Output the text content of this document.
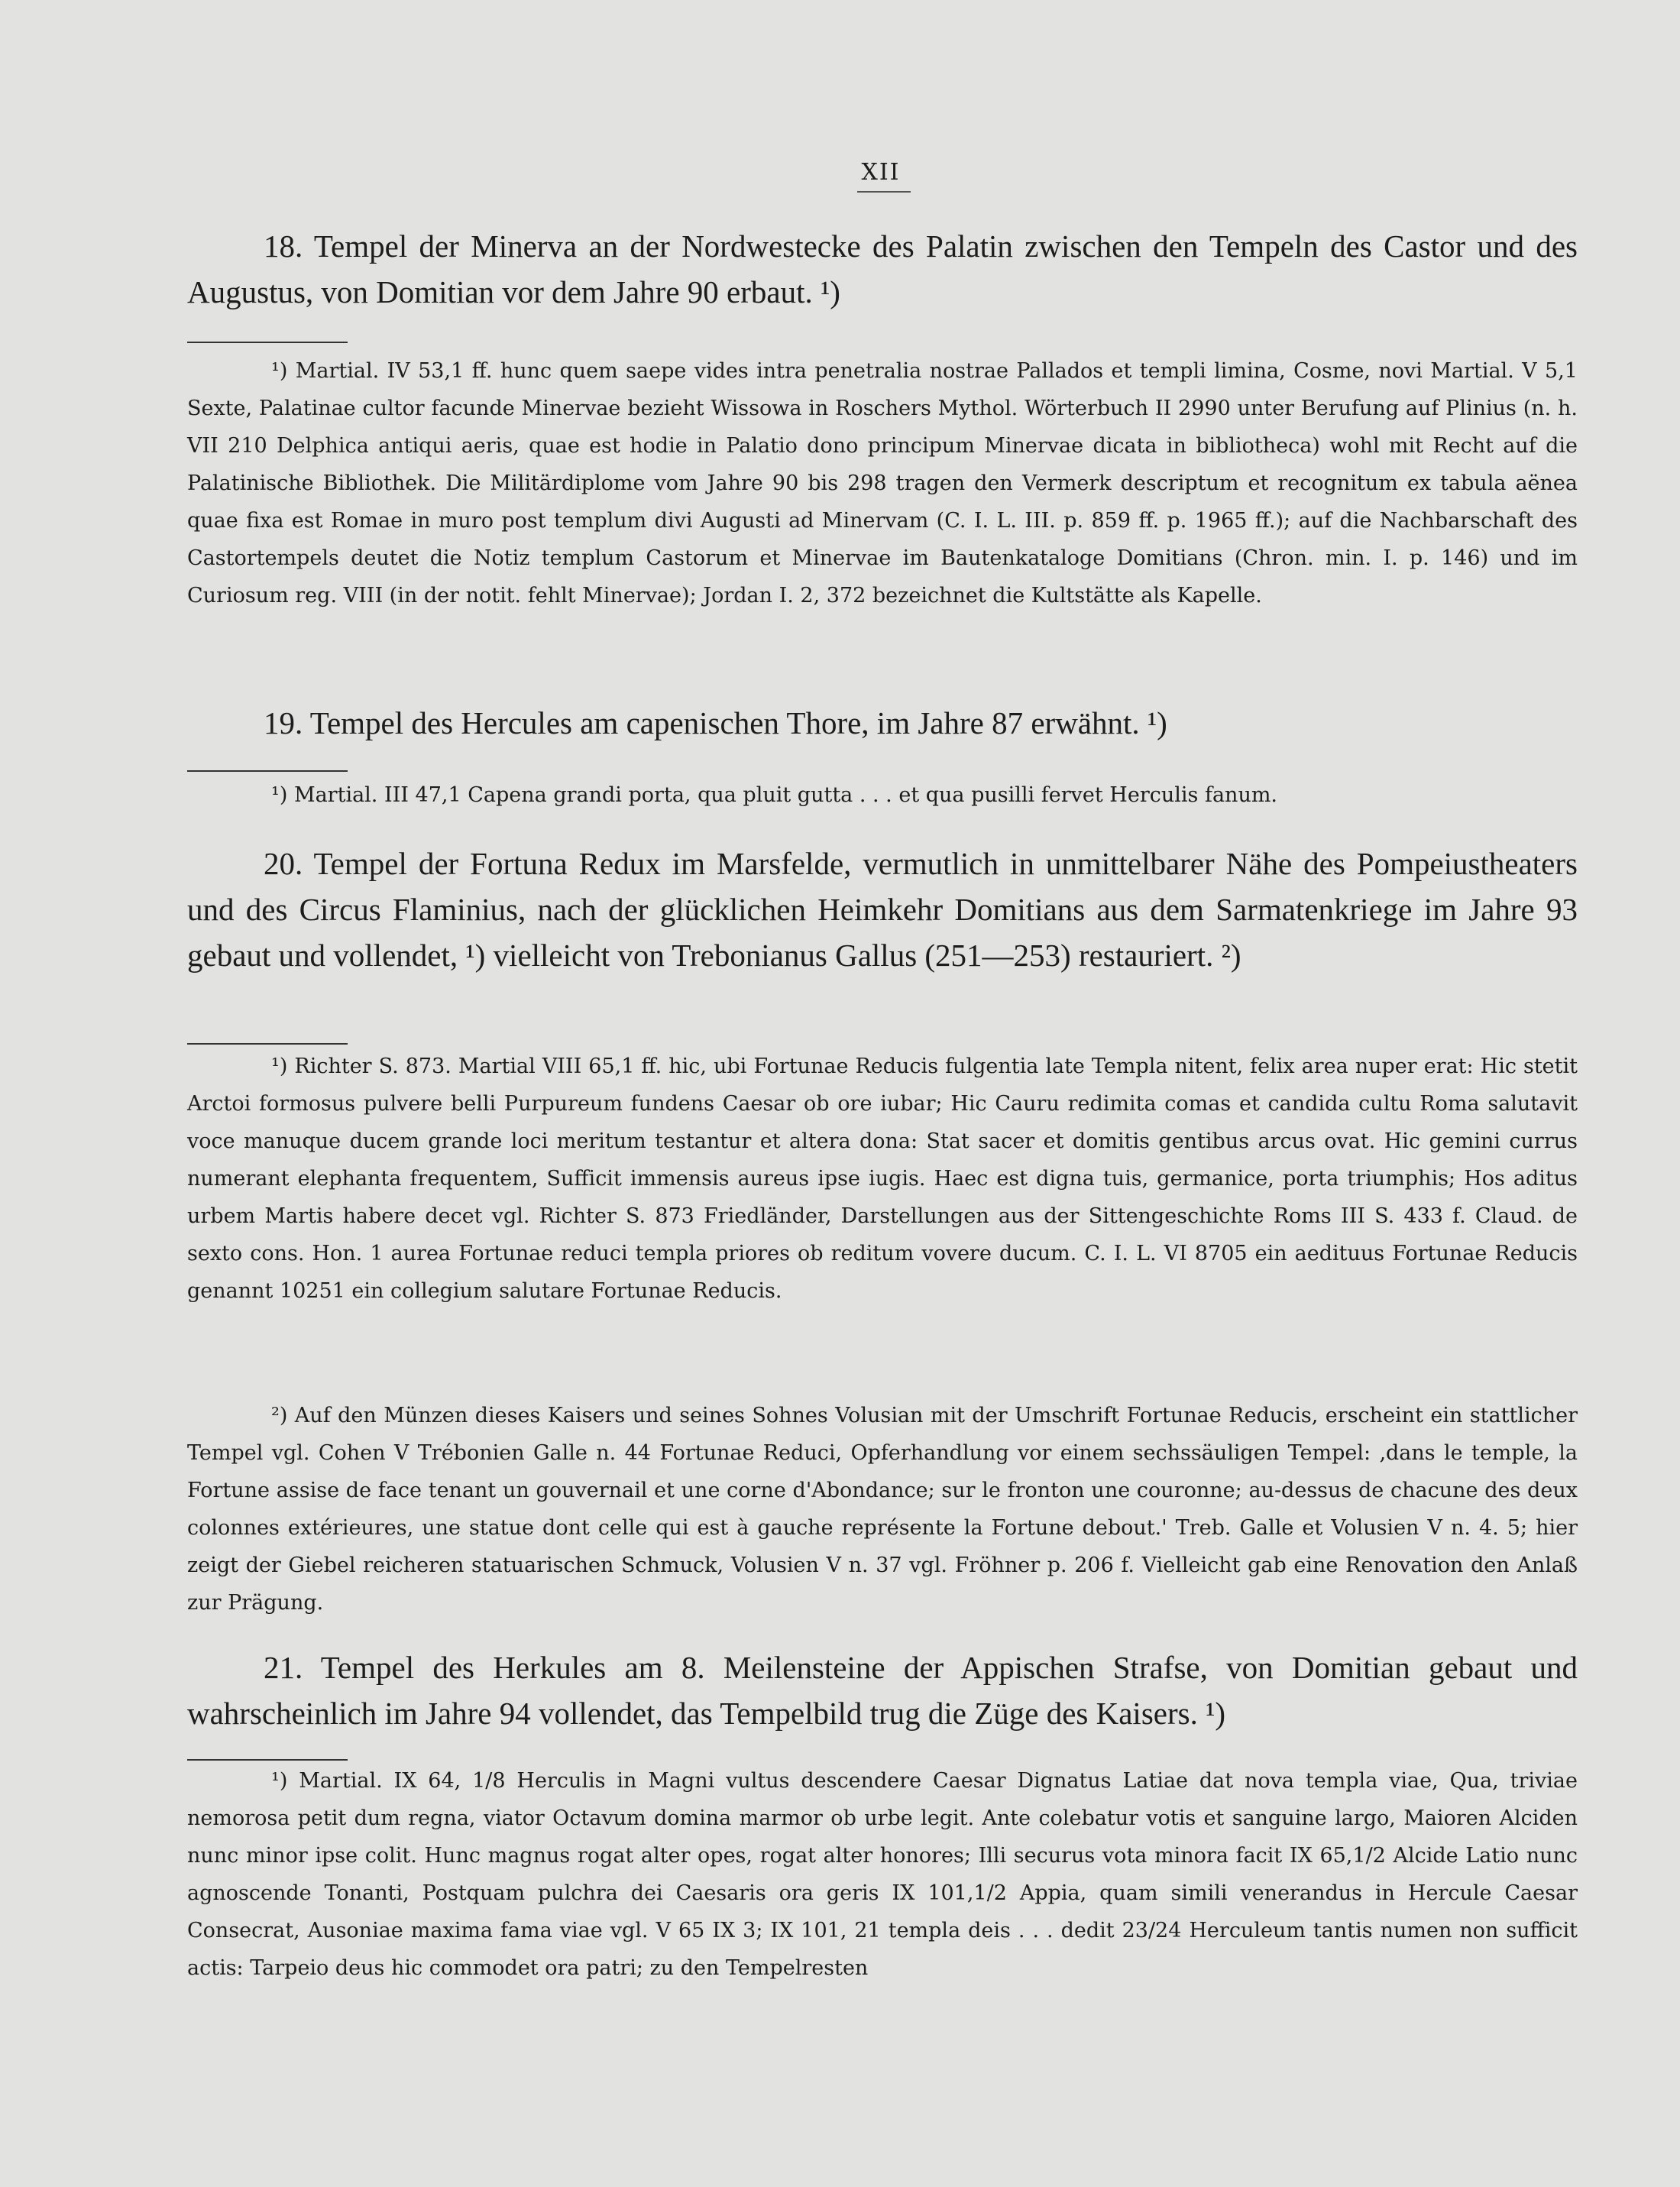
XII
18. Tempel der Minerva an der Nordwestecke des Palatin zwischen den Tempeln des Castor und des Augustus, von Domitian vor dem Jahre 90 erbaut. ¹)
¹) Martial. IV 53,1 ff. hunc quem saepe vides intra penetralia nostrae Pallados et templi limina, Cosme, novi Martial. V 5,1 Sexte, Palatinae cultor facunde Minervae bezieht Wissowa in Roschers Mythol. Wörterbuch II 2990 unter Berufung auf Plinius (n. h. VII 210 Delphica antiqui aeris, quae est hodie in Palatio dono principum Minervae dicata in bibliotheca) wohl mit Recht auf die Palatinische Bibliothek. Die Militärdiplome vom Jahre 90 bis 298 tragen den Vermerk descriptum et recognitum ex tabula aënea quae fixa est Romae in muro post templum divi Augusti ad Minervam (C. I. L. III. p. 859 ff. p. 1965 ff.); auf die Nachbarschaft des Castortempels deutet die Notiz templum Castorum et Minervae im Bautenkataloge Domitians (Chron. min. I. p. 146) und im Curiosum reg. VIII (in der notit. fehlt Minervae); Jordan I. 2, 372 bezeichnet die Kultstätte als Kapelle.
19. Tempel des Hercules am capenischen Thore, im Jahre 87 erwähnt. ¹)
¹) Martial. III 47,1 Capena grandi porta, qua pluit gutta . . . et qua pusilli fervet Herculis fanum.
20. Tempel der Fortuna Redux im Marsfelde, vermutlich in unmittelbarer Nähe des Pompeiustheaters und des Circus Flaminius, nach der glücklichen Heimkehr Domitians aus dem Sarmatenkriege im Jahre 93 gebaut und vollendet, ¹) vielleicht von Trebonianus Gallus (251—253) restauriert. ²)
¹) Richter S. 873. Martial VIII 65,1 ff. hic, ubi Fortunae Reducis fulgentia late Templa nitent, felix area nuper erat: Hic stetit Arctoi formosus pulvere belli Purpureum fundens Caesar ob ore iubar; Hic Cauru redimita comas et candida cultu Roma salutavit voce manuque ducem grande loci meritum testantur et altera dona: Stat sacer et domitis gentibus arcus ovat. Hic gemini currus numerant elephanta frequentem, Sufficit immensis aureus ipse iugis. Haec est digna tuis, germanice, porta triumphis; Hos aditus urbem Martis habere decet vgl. Richter S. 873 Friedländer, Darstellungen aus der Sittengeschichte Roms III S. 433 f. Claud. de sexto cons. Hon. 1 aurea Fortunae reduci templa priores ob reditum vovere ducum. C. I. L. VI 8705 ein aedituus Fortunae Reducis genannt 10251 ein collegium salutare Fortunae Reducis.
²) Auf den Münzen dieses Kaisers und seines Sohnes Volusian mit der Umschrift Fortunae Reducis, erscheint ein stattlicher Tempel vgl. Cohen V Trébonien Galle n. 44 Fortunae Reduci, Opferhandlung vor einem sechssäuligen Tempel: ‚dans le temple, la Fortune assise de face tenant un gouvernail et une corne d'Abondance; sur le fronton une couronne; au-dessus de chacune des deux colonnes extérieures, une statue dont celle qui est à gauche représente la Fortune debout.' Treb. Galle et Volusien V n. 4. 5; hier zeigt der Giebel reicheren statuarischen Schmuck, Volusien V n. 37 vgl. Fröhner p. 206 f. Vielleicht gab eine Renovation den Anlaß zur Prägung.
21. Tempel des Herkules am 8. Meilensteine der Appischen Strafse, von Domitian gebaut und wahrscheinlich im Jahre 94 vollendet, das Tempelbild trug die Züge des Kaisers. ¹)
¹) Martial. IX 64, 1/8 Herculis in Magni vultus descendere Caesar Dignatus Latiae dat nova templa viae, Qua, triviae nemorosa petit dum regna, viator Octavum domina marmor ob urbe legit. Ante colebatur votis et sanguine largo, Maioren Alciden nunc minor ipse colit. Hunc magnus rogat alter opes, rogat alter honores; Illi securus vota minora facit IX 65,1/2 Alcide Latio nunc agnoscende Tonanti, Postquam pulchra dei Caesaris ora geris IX 101,1/2 Appia, quam simili venerandus in Hercule Caesar Consecrat, Ausoniae maxima fama viae vgl. V 65 IX 3; IX 101, 21 templa deis . . . dedit 23/24 Herculeum tantis numen non sufficit actis: Tarpeio deus hic commodet ora patri; zu den Tempelresten
